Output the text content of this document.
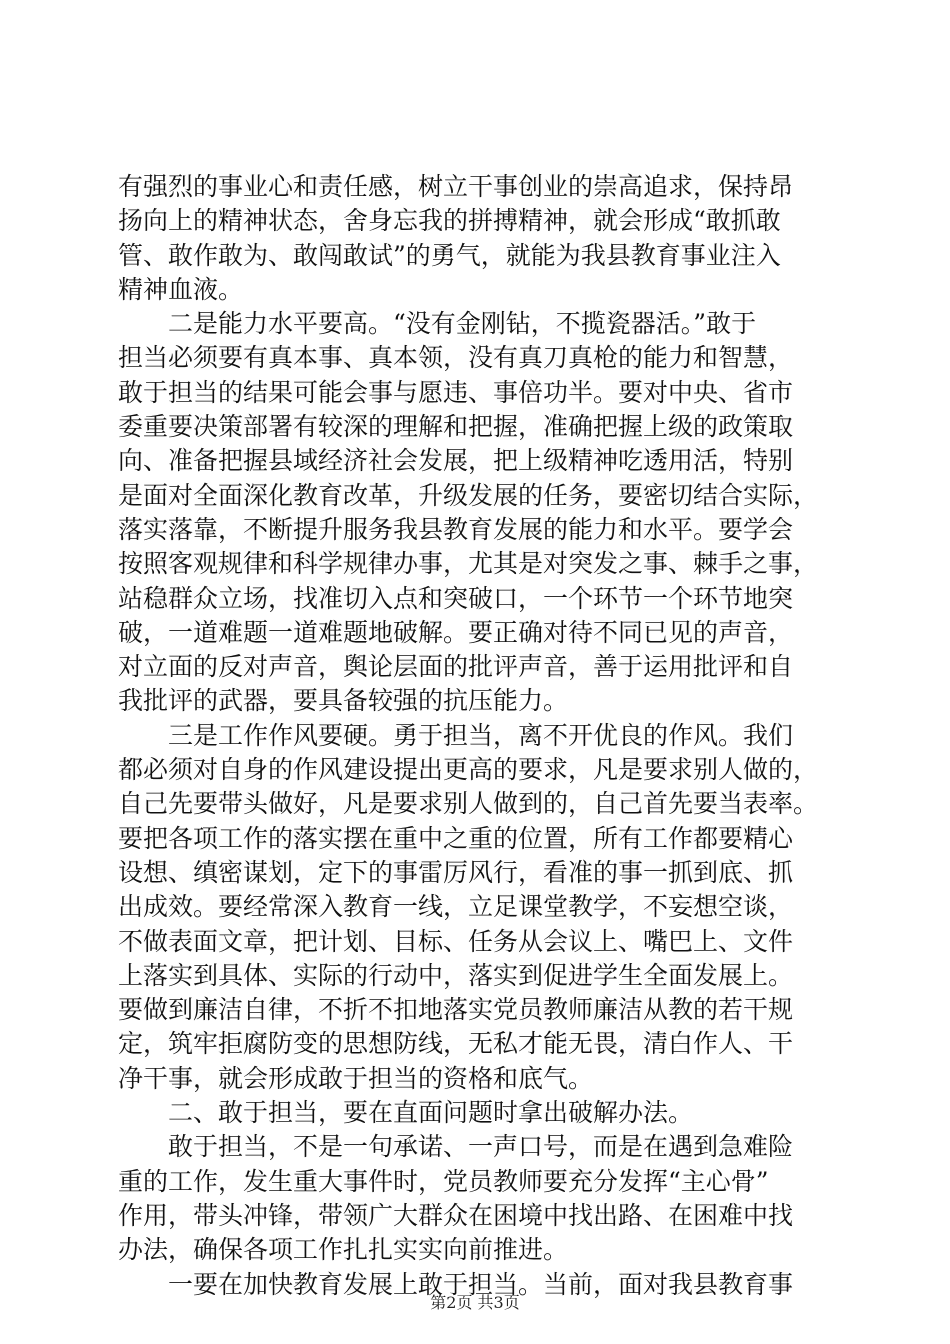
有强烈的事业心和责任感，树立干事创业的崇高追求，保持昂
扬向上的精神状态，舍身忘我的拼搏精神，就会形成“敢抓敢
管、敢作敢为、敢闯敢试”的勇气，就能为我县教育事业注入
精神血液。
　　二是能力水平要高。“没有金刚钻，不揽瓷器活。”敢于
担当必须要有真本事、真本领，没有真刀真枪的能力和智慧，
敢于担当的结果可能会事与愿违、事倍功半。要对中央、省市
委重要决策部署有较深的理解和把握，准确把握上级的政策取
向、准备把握县域经济社会发展，把上级精神吃透用活，特别
是面对全面深化教育改革，升级发展的任务，要密切结合实际，
落实落靠，不断提升服务我县教育发展的能力和水平。要学会
按照客观规律和科学规律办事，尤其是对突发之事、棘手之事，
站稳群众立场，找准切入点和突破口，一个环节一个环节地突
破，一道难题一道难题地破解。要正确对待不同已见的声音，
对立面的反对声音，舆论层面的批评声音，善于运用批评和自
我批评的武器，要具备较强的抗压能力。
　　三是工作作风要硬。勇于担当，离不开优良的作风。我们
都必须对自身的作风建设提出更高的要求，凡是要求别人做的，
自己先要带头做好，凡是要求别人做到的，自己首先要当表率。
要把各项工作的落实摆在重中之重的位置，所有工作都要精心
设想、缜密谋划，定下的事雷厉风行，看准的事一抓到底、抓
出成效。要经常深入教育一线，立足课堂教学，不妄想空谈，
不做表面文章，把计划、目标、任务从会议上、嘴巴上、文件
上落实到具体、实际的行动中，落实到促进学生全面发展上。
要做到廉洁自律，不折不扣地落实党员教师廉洁从教的若干规
定，筑牢拒腐防变的思想防线，无私才能无畏，清白作人、干
净干事，就会形成敢于担当的资格和底气。
　　二、敢于担当，要在直面问题时拿出破解办法。
　　敢于担当，不是一句承诺、一声口号，而是在遇到急难险
重的工作，发生重大事件时，党员教师要充分发挥“主心骨”
作用，带头冲锋，带领广大群众在困境中找出路、在困难中找
办法，确保各项工作扎扎实实向前推进。
　　一要在加快教育发展上敢于担当。当前，面对我县教育事
第2页 共3页
